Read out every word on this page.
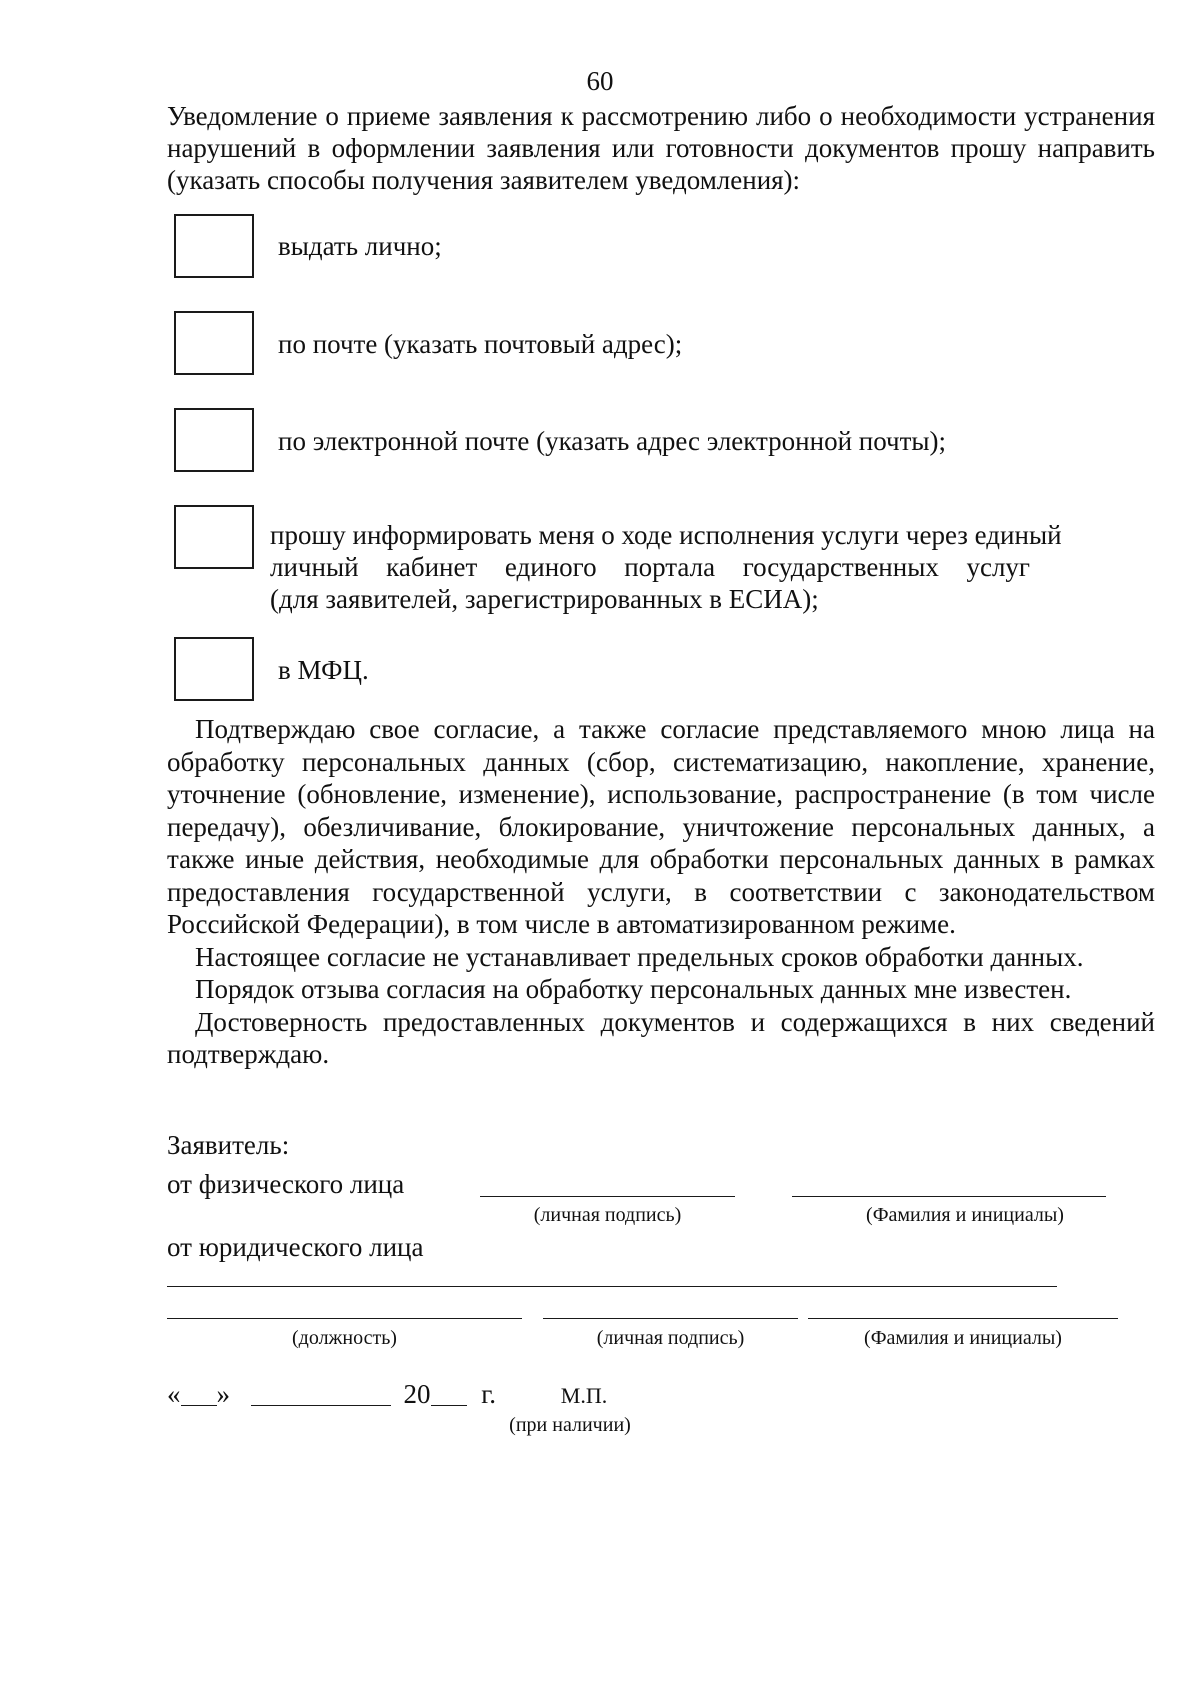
60
Уведомление о приеме заявления к рассмотрению либо о необходимости устранения нарушений в оформлении заявления или готовности документов прошу направить (указать способы получения заявителем уведомления):
выдать лично;
по почте (указать почтовый адрес);
по электронной почте (указать адрес электронной почты);
прошу информировать меня о ходе исполнения услуги через единый
личный кабинет единого портала государственных услуг
(для заявителей, зарегистрированных в ЕСИА);
в МФЦ.

Подтверждаю свое согласие, а также согласие представляемого мною лица на обработку персональных данных (сбор, систематизацию, накопление, хранение, уточнение (обновление, изменение), использование, распространение (в том числе передачу), обезличивание, блокирование, уничтожение персональных данных, а также иные действия, необходимые для обработки персональных данных в рамках предоставления государственной услуги, в соответствии с законодательством Российской Федерации), в том числе в автоматизированном режиме.

Настоящее согласие не устанавливает предельных сроков обработки данных.

Порядок отзыва согласия на обработку персональных данных мне известен.

Достоверность предоставленных документов и содержащихся в них сведений подтверждаю.

Заявитель:
от физического лица
(личная подпись)	(Фамилия и инициалы)
от юридического лица
(должность)	(личная подпись)	(Фамилия и инициалы)
« »	20 г.	М.П.
(при наличии)
